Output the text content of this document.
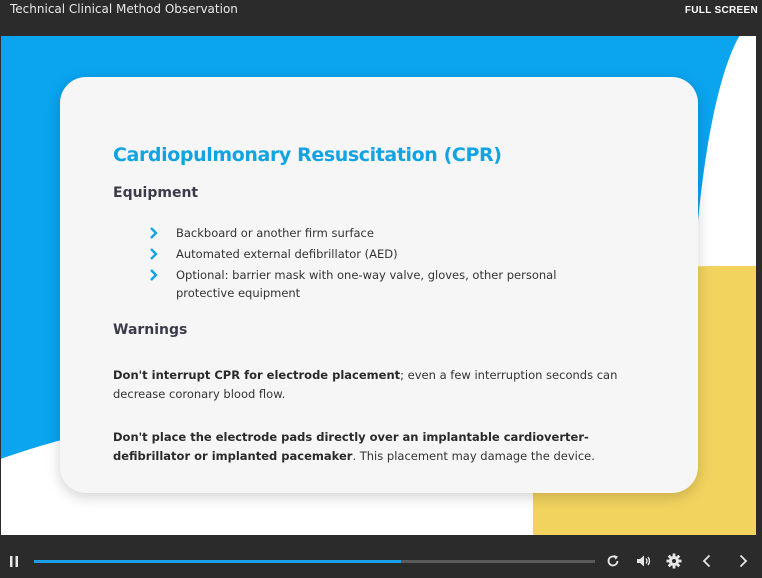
Technical Clinical Method Observation	FULL SCREEN
Cardiopulmonary Resuscitation (CPR)
Equipment
Backboard or another firm surface
Automated external defibrillator (AED)
Optional: barrier mask with one-way valve, gloves, other personal protective equipment
Warnings

Don't interrupt CPR for electrode placement; even a few interruption seconds can decrease coronary blood flow.

Don't place the electrode pads directly over an implantable cardioverter-defibrillator or implanted pacemaker. This placement may damage the device.
